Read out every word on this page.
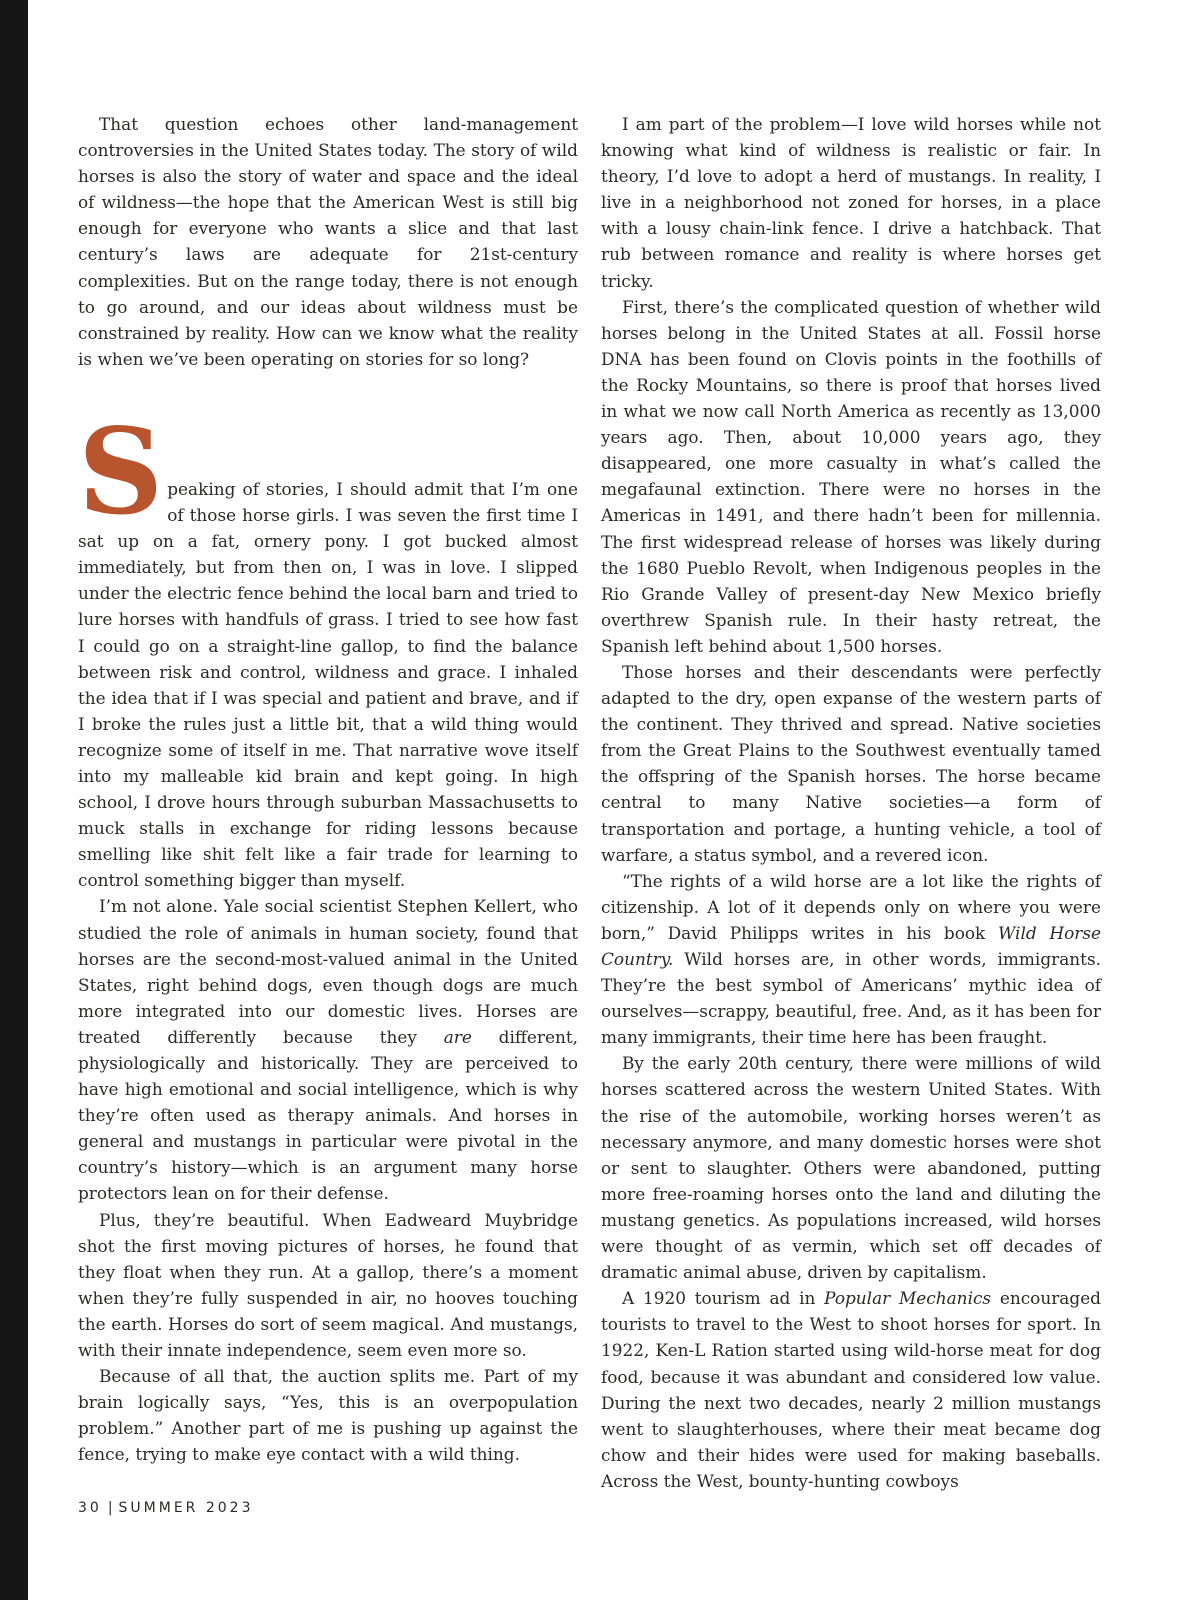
That question echoes other land-management controversies in the United States today. The story of wild horses is also the story of water and space and the ideal of wildness—the hope that the American West is still big enough for everyone who wants a slice and that last century’s laws are adequate for 21st-century complexities. But on the range today, there is not enough to go around, and our ideas about wildness must be constrained by reality. How can we know what the reality is when we’ve been operating on stories for so long?

S peaking of stories, I should admit that I’m one of those horse girls. I was seven the first time I sat up on a fat, ornery pony. I got bucked almost immediately, but from then on, I was in love. I slipped under the electric fence behind the local barn and tried to lure horses with handfuls of grass. I tried to see how fast I could go on a straight-line gallop, to find the balance between risk and control, wildness and grace. I inhaled the idea that if I was special and patient and brave, and if I broke the rules just a little bit, that a wild thing would recognize some of itself in me. That narrative wove itself into my malleable kid brain and kept going. In high school, I drove hours through suburban Massachusetts to muck stalls in exchange for riding lessons because smelling like shit felt like a fair trade for learning to control something bigger than myself.

I’m not alone. Yale social scientist Stephen Kellert, who studied the role of animals in human society, found that horses are the second-most-valued animal in the United States, right behind dogs, even though dogs are much more integrated into our domestic lives. Horses are treated differently because they are different, physiologically and historically. They are perceived to have high emotional and social intelligence, which is why they’re often used as therapy animals. And horses in general and mustangs in particular were pivotal in the country’s history—which is an argument many horse protectors lean on for their defense.

Plus, they’re beautiful. When Eadweard Muybridge shot the first moving pictures of horses, he found that they float when they run. At a gallop, there’s a moment when they’re fully suspended in air, no hooves touching the earth. Horses do sort of seem magical. And mustangs, with their innate independence, seem even more so.

Because of all that, the auction splits me. Part of my brain logically says, “Yes, this is an overpopulation problem.” Another part of me is pushing up against the fence, trying to make eye contact with a wild thing.

I am part of the problem—I love wild horses while not knowing what kind of wildness is realistic or fair. In theory, I’d love to adopt a herd of mustangs. In reality, I live in a neighborhood not zoned for horses, in a place with a lousy chain-link fence. I drive a hatchback. That rub between romance and reality is where horses get tricky.

First, there’s the complicated question of whether wild horses belong in the United States at all. Fossil horse DNA has been found on Clovis points in the foothills of the Rocky Mountains, so there is proof that horses lived in what we now call North America as recently as 13,000 years ago. Then, about 10,000 years ago, they disappeared, one more casualty in what’s called the megafaunal extinction. There were no horses in the Americas in 1491, and there hadn’t been for millennia. The first widespread release of horses was likely during the 1680 Pueblo Revolt, when Indigenous peoples in the Rio Grande Valley of present-day New Mexico briefly overthrew Spanish rule. In their hasty retreat, the Spanish left behind about 1,500 horses.

Those horses and their descendants were perfectly adapted to the dry, open expanse of the western parts of the continent. They thrived and spread. Native societies from the Great Plains to the Southwest eventually tamed the offspring of the Spanish horses. The horse became central to many Native societies—a form of transportation and portage, a hunting vehicle, a tool of warfare, a status symbol, and a revered icon.

“The rights of a wild horse are a lot like the rights of citizenship. A lot of it depends only on where you were born,” David Philipps writes in his book Wild Horse Country. Wild horses are, in other words, immigrants. They’re the best symbol of Americans’ mythic idea of ourselves—scrappy, beautiful, free. And, as it has been for many immigrants, their time here has been fraught.

By the early 20th century, there were millions of wild horses scattered across the western United States. With the rise of the automobile, working horses weren’t as necessary anymore, and many domestic horses were shot or sent to slaughter. Others were abandoned, putting more free-roaming horses onto the land and diluting the mustang genetics. As populations increased, wild horses were thought of as vermin, which set off decades of dramatic animal abuse, driven by capitalism.

A 1920 tourism ad in Popular Mechanics encouraged tourists to travel to the West to shoot horses for sport. In 1922, Ken-L Ration started using wild-horse meat for dog food, because it was abundant and considered low value. During the next two decades, nearly 2 million mustangs went to slaughterhouses, where their meat became dog chow and their hides were used for making baseballs. Across the West, bounty-hunting cowboys

30 | SUMMER 2023
